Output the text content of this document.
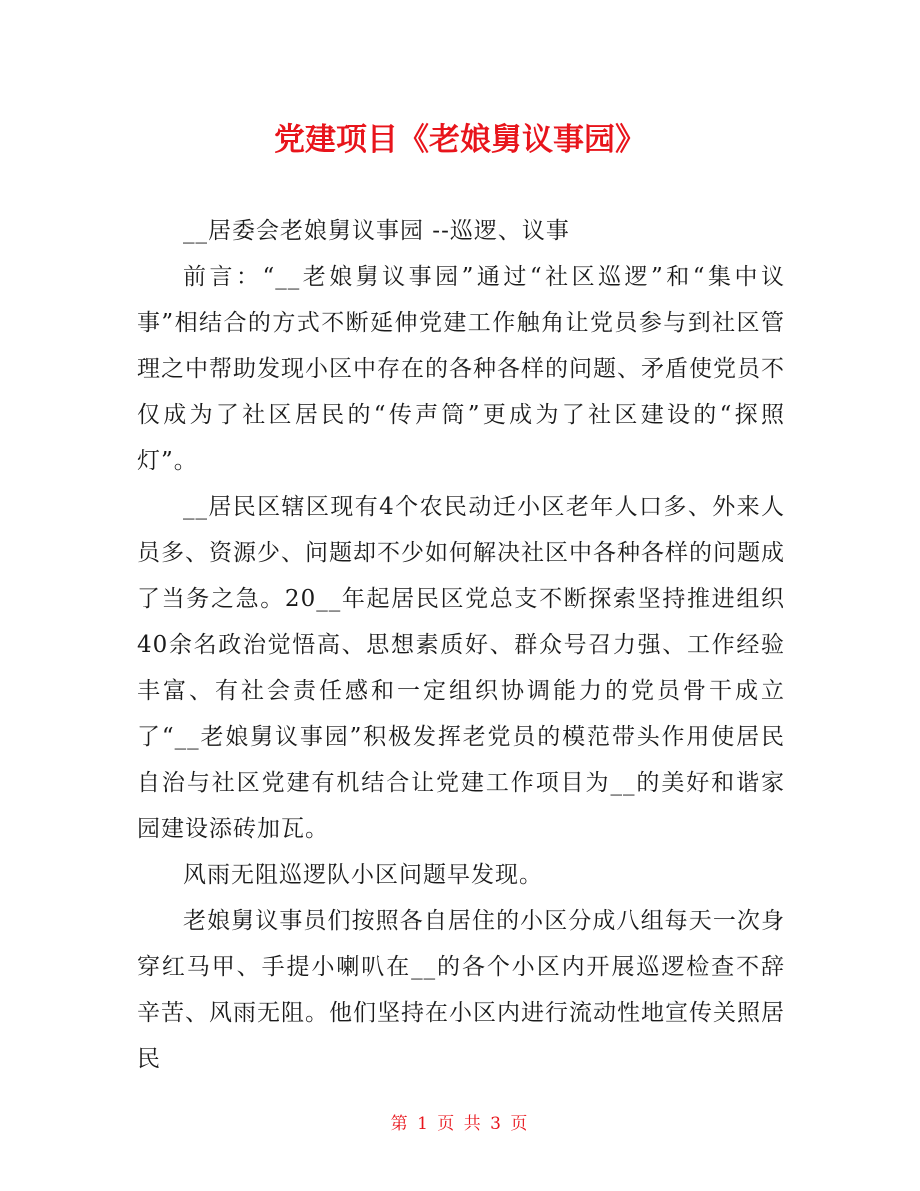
党建项目《老娘舅议事园》

__居委会老娘舅议事园 --巡逻、议事

前言：“__老娘舅议事园”通过“社区巡逻”和“集中议事”相结合的方式不断延伸党建工作触角让党员参与到社区管理之中帮助发现小区中存在的各种各样的问题、矛盾使党员不仅成为了社区居民的“传声筒”更成为了社区建设的“探照灯”。

__居民区辖区现有4个农民动迁小区老年人口多、外来人员多、资源少、问题却不少如何解决社区中各种各样的问题成了当务之急。20__年起居民区党总支不断探索坚持推进组织40余名政治觉悟高、思想素质好、群众号召力强、工作经验丰富、有社会责任感和一定组织协调能力的党员骨干成立了“__老娘舅议事园”积极发挥老党员的模范带头作用使居民自治与社区党建有机结合让党建工作项目为__的美好和谐家园建设添砖加瓦。

风雨无阻巡逻队小区问题早发现。

老娘舅议事员们按照各自居住的小区分成八组每天一次身穿红马甲、手提小喇叭在__的各个小区内开展巡逻检查不辞辛苦、风雨无阻。他们坚持在小区内进行流动性地宣传关照居民

第 1 页 共 3 页
